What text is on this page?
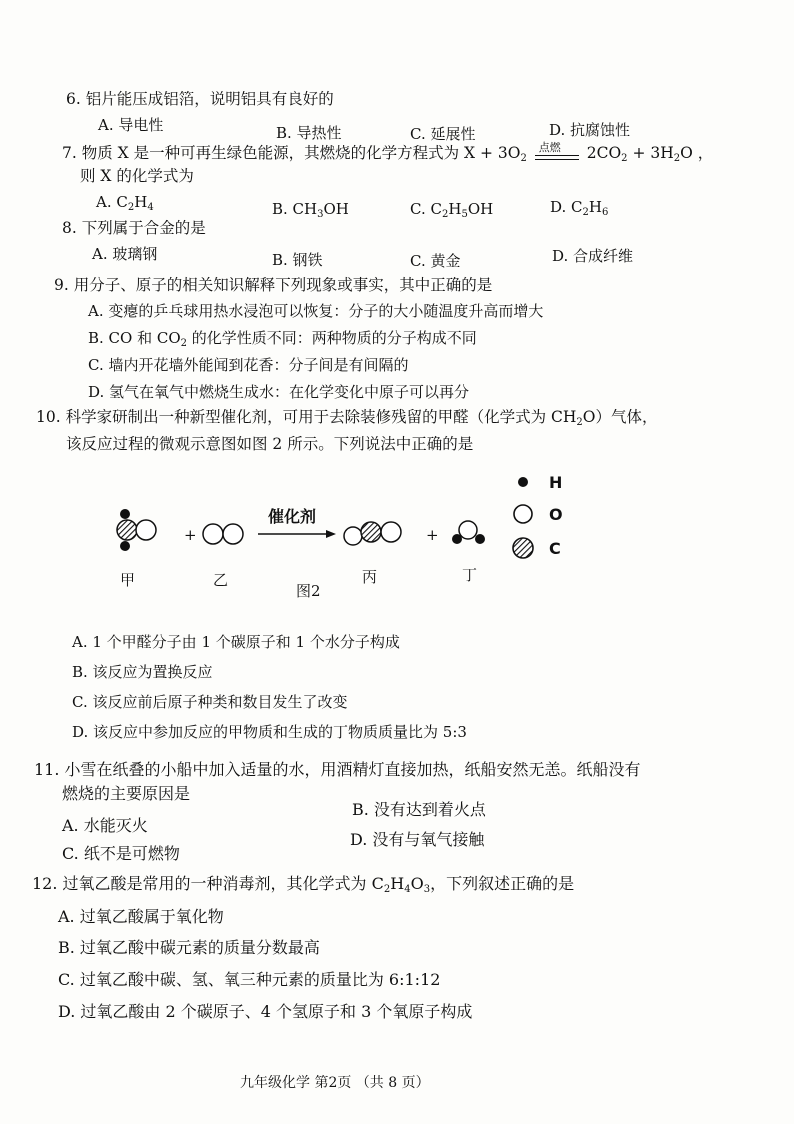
6. 铝片能压成铝箔，说明铝具有良好的
A. 导电性	B. 导热性	C. 延展性	D. 抗腐蚀性
7. 物质 X 是一种可再生绿色能源，其燃烧的化学方程式为 $X + 3O_2$
点燃 $2CO_2 + 3H_2O$ ，
则 X 的化学式为
A. $C_2H_4$	B. $CH_3OH$	C. $C_2H_5OH$	D. $C_2H_6$
8. 下列属于合金的是
A. 玻璃钢	B. 钢铁	C. 黄金	D. 合成纤维
9. 用分子、原子的相关知识解释下列现象或事实，其中正确的是
A. 变瘪的乒乓球用热水浸泡可以恢复：分子的大小随温度升高而增大
B. CO 和 $CO_2$ 的化学性质不同：两种物质的分子构成不同
C. 墙内开花墙外能闻到花香：分子间是有间隔的
D. 氢气在氧气中燃烧生成水：在化学变化中原子可以再分
10. 科学家研制出一种新型催化剂，可用于去除装修残留的甲醛（化学式为 $CH_2O$）气体，
该反应过程的微观示意图如图 2 所示。下列说法中正确的是
+
催化剂
+
H
O
C
甲	乙	丙	丁
图2
A. 1 个甲醛分子由 1 个碳原子和 1 个水分子构成
B. 该反应为置换反应
C. 该反应前后原子种类和数目发生了改变
D. 该反应中参加反应的甲物质和生成的丁物质质量比为 5:3
11. 小雪在纸叠的小船中加入适量的水，用酒精灯直接加热，纸船安然无恙。纸船没有
燃烧的主要原因是
A. 水能灭火
B. 没有达到着火点
C. 纸不是可燃物
D. 没有与氧气接触
12. 过氧乙酸是常用的一种消毒剂，其化学式为 $C_2H_4O_3$，下列叙述正确的是
A. 过氧乙酸属于氧化物
B. 过氧乙酸中碳元素的质量分数最高
C. 过氧乙酸中碳、氢、氧三种元素的质量比为 6:1:12
D. 过氧乙酸由 2 个碳原子、4 个氢原子和 3 个氧原子构成
九年级化学 第2页 （共 8 页）
